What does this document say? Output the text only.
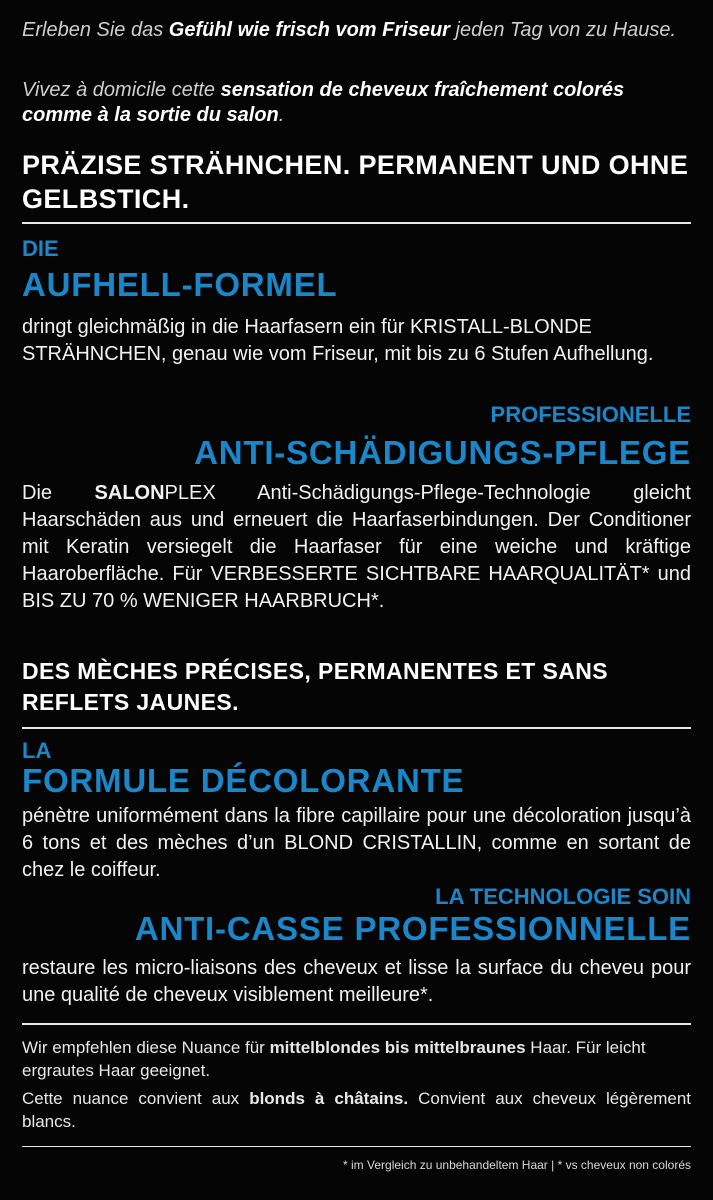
Erleben Sie das Gefühl wie frisch vom Friseur jeden Tag von zu Hause.
Vivez à domicile cette sensation de cheveux fraîchement colorés comme à la sortie du salon.
PRÄZISE STRÄHNCHEN. PERMANENT UND OHNE GELBSTICH.
DIE
AUFHELL-FORMEL
dringt gleichmäßig in die Haarfasern ein für KRISTALL-BLONDE STRÄHNCHEN, genau wie vom Friseur, mit bis zu 6 Stufen Aufhellung.
PROFESSIONELLE
ANTI-SCHÄDIGUNGS-PFLEGE
Die SALONPLEX Anti-Schädigungs-Pflege-Technologie gleicht Haarschäden aus und erneuert die Haarfaserbindungen. Der Conditioner mit Keratin versiegelt die Haarfaser für eine weiche und kräftige Haaroberfläche. Für VERBESSERTE SICHTBARE HAARQUALITÄT* und BIS ZU 70 % WENIGER HAARBRUCH*.
DES MÈCHES PRÉCISES, PERMANENTES ET SANS REFLETS JAUNES.
LA
FORMULE DÉCOLORANTE
pénètre uniformément dans la fibre capillaire pour une décoloration jusqu’à 6 tons et des mèches d’un BLOND CRISTALLIN, comme en sortant de chez le coiffeur.
LA TECHNOLOGIE SOIN
ANTI-CASSE PROFESSIONNELLE
restaure les micro-liaisons des cheveux et lisse la surface du cheveu pour une qualité de cheveux visiblement meilleure*.
Wir empfehlen diese Nuance für mittelblondes bis mittelbraunes Haar. Für leicht ergrautes Haar geeignet.
Cette nuance convient aux blonds à châtains. Convient aux cheveux légèrement blancs.
* im Vergleich zu unbehandeltem Haar | * vs cheveux non colorés
